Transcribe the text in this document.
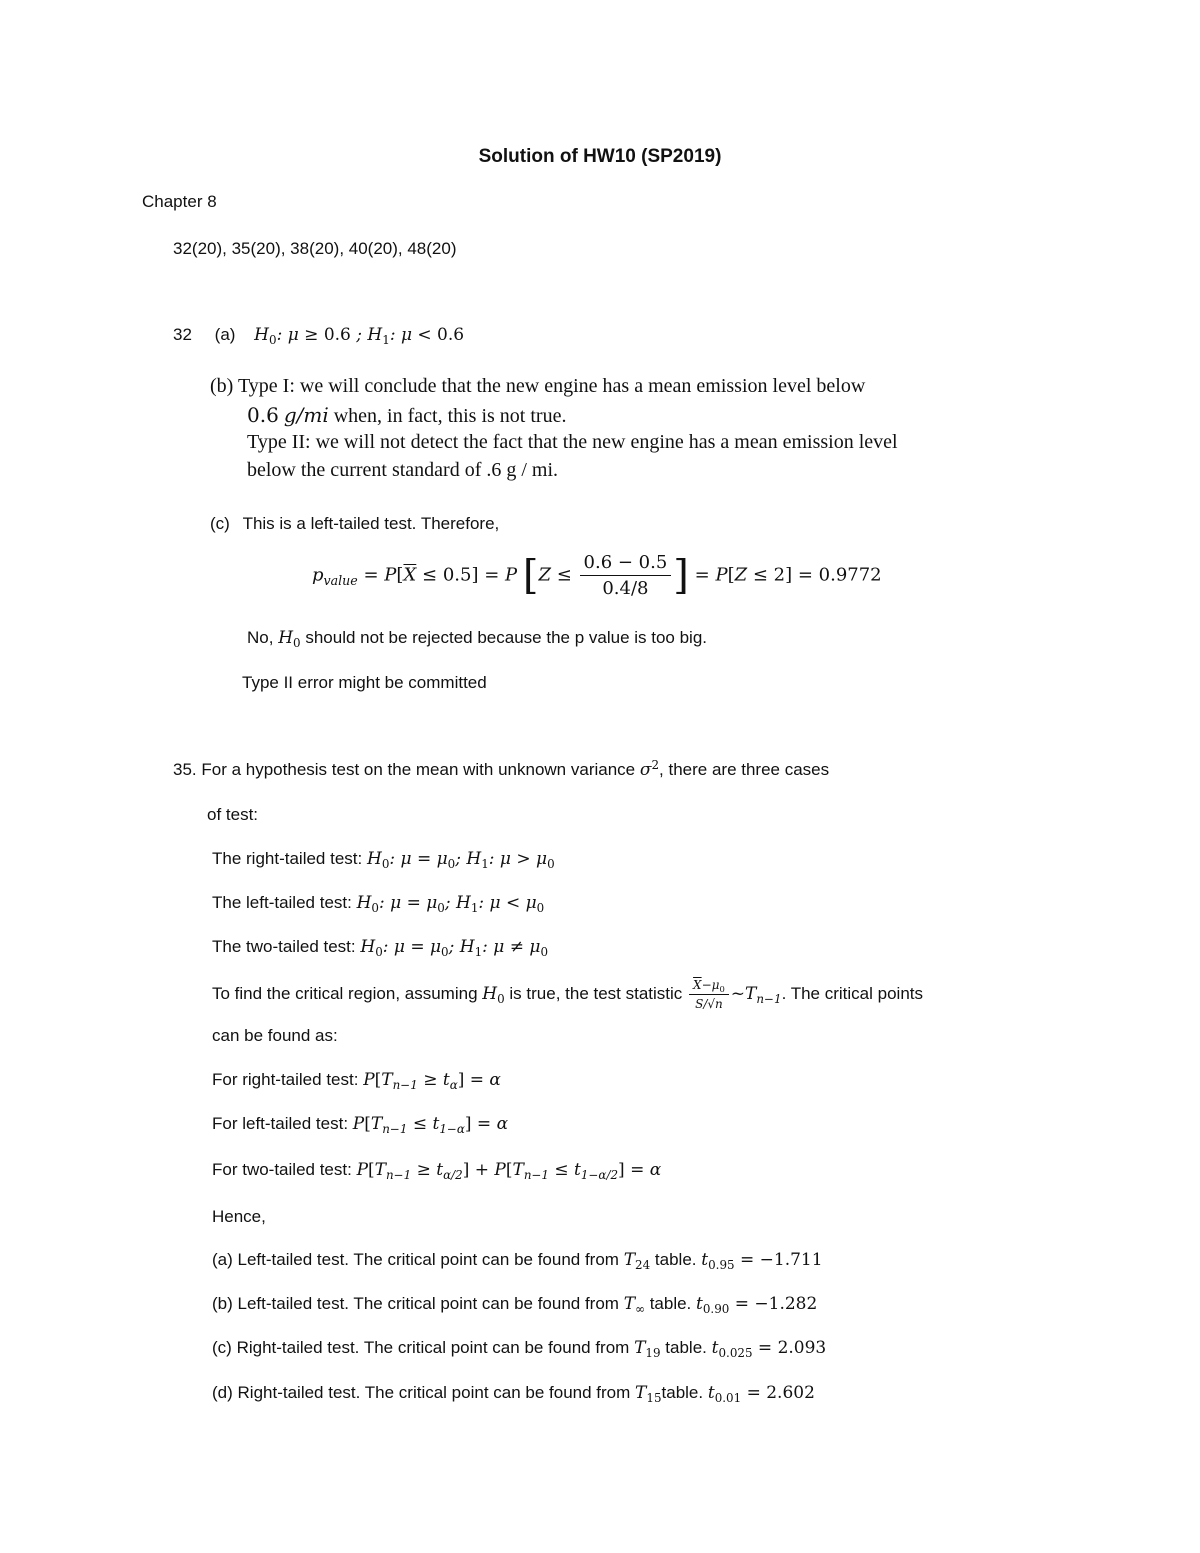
Solution of HW10 (SP2019)
Chapter 8
32(20), 35(20), 38(20), 40(20), 48(20)
32 (a) $H_0$: μ ≥ 0.6 ; $H_1$: μ < 0.6
(b) Type I: we will conclude that the new engine has a mean emission level below
0.6 g/mi when, in fact, this is not true.
Type II: we will not detect the fact that the new engine has a mean emission level
below the current standard of .6 g / mi.
(c) This is a left-tailed test. Therefore,
$p_{value} = P[\overline{X} \le 0.5] = P$ [$Z \le \frac{0.6 - 0.5}{0.4/8}$ ] = P[Z ≤ 2] = 0.9772
No, $H_0$ should not be rejected because the p value is too big.
Type II error might be committed
35. For a hypothesis test on the mean with unknown variance $\sigma^2$, there are three cases
of test:
The right-tailed test: $H_0$: $\mu = \mu_0$; $H_1$: $\mu > \mu_0$
The left-tailed test: $H_0$: $\mu = \mu_0$; $H_1$: $\mu < \mu_0$
The two-tailed test: $H_0$: $\mu = \mu_0$; $H_1$: $\mu \ne \mu_0$
To find the critical region, assuming $H_0$ is true, the test statistic $\frac{\overline{X}-\mu_0}{S/√n}$ $\sim T_{n-1}$. The critical points
can be found as:
For right-tailed test: $P[T_{n-1} \ge t_\alpha] = \alpha$
For left-tailed test: $P[T_{n-1} \le t_{1-\alpha}] = \alpha$
For two-tailed test: $P[T_{n-1} \ge t_{\alpha/2}] + P[T_{n-1} \le t_{1-\alpha/2}] = \alpha$
Hence,
(a) Left-tailed test. The critical point can be found from $T_{24}$ table. $t_{0.95} = -1.711$
(b) Left-tailed test. The critical point can be found from $T_\infty$ table. $t_{0.90} = -1.282$
(c) Right-tailed test. The critical point can be found from $T_{19}$ table. $t_{0.025} = 2.093$
(d) Right-tailed test. The critical point can be found from $T_{15}table$. $t_{0.01} = 2.602$
